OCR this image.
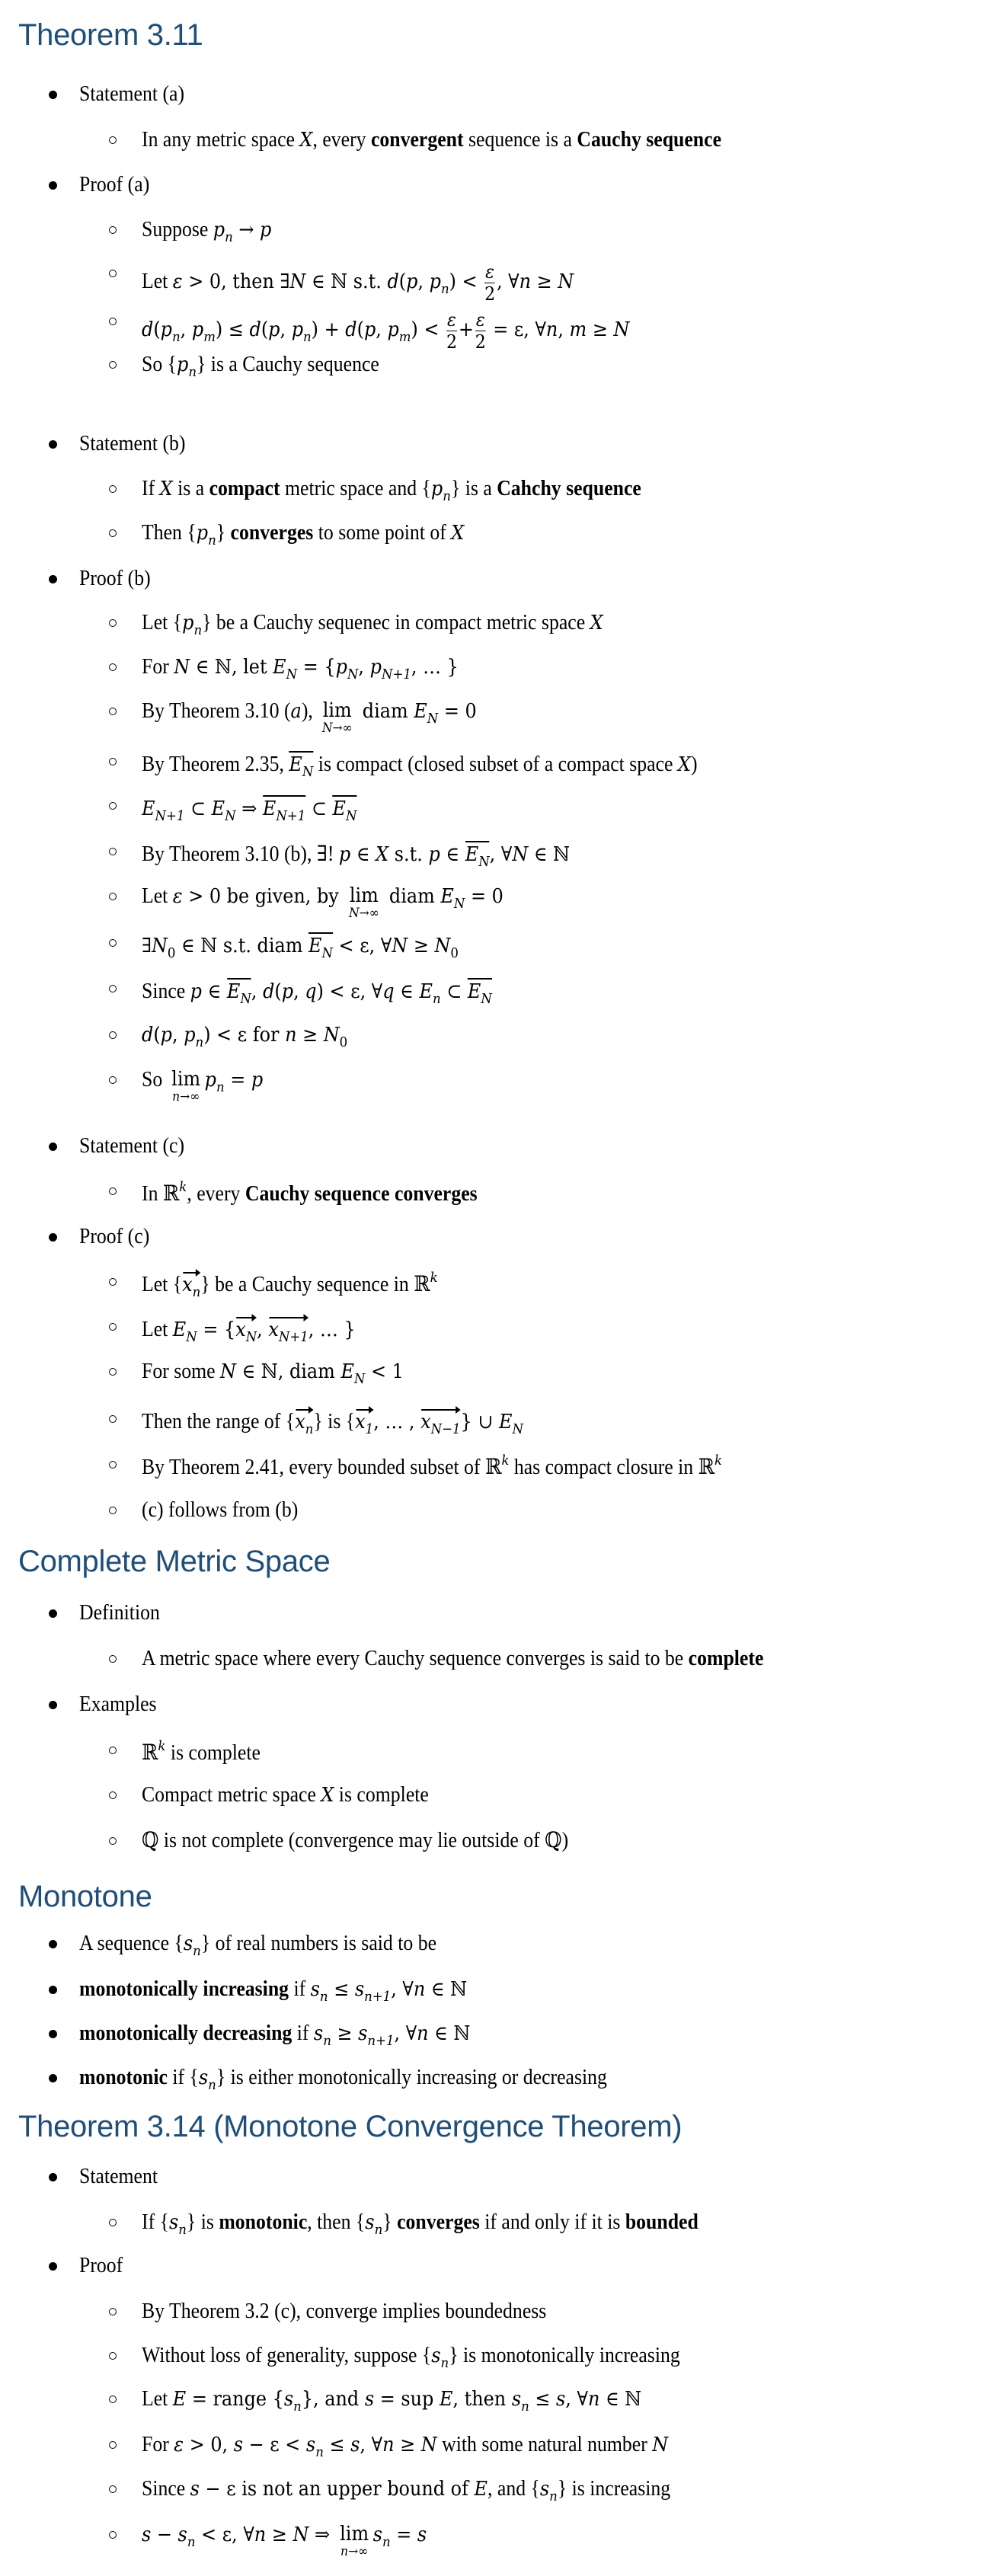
Theorem 3.11
Statement (a)
In any metric space X, every convergent sequence is a Cauchy sequence
Proof (a)
Suppose $p_n \to p$
Let ε > 0, then ∃N ∈ ℕ s.t. d(p, $p_n) < \frac{\varepsilon}{2}$ , ∀n ≥ N
$d(p_n$, $p_m) \le d(p$, $p_n) + d(p$, $p_m) < \frac{\varepsilon}{2} + \frac{\varepsilon}{2} = \varepsilon$, ∀n, m ≥ N
So $\{p_n\}$ is a Cauchy sequence
Statement (b)
If X is a compact metric space and $\{p_n\}$ is a Cahchy sequence
Then $\{p_n\}$ converges to some point of X
Proof (b)
Let $\{p_n\}$ be a Cauchy sequenec in compact metric space X
For N ∈ ℕ, let $E_N = \{p_N$, $p_{N+1}$, … }
By Theorem 3.10 (a), lim
N→∞
diam $E_N = 0$
By Theorem 2.35, $E_N$ is compact (closed subset of a compact space X)
$E_{N+1}$ ⊂ $E_N$ ⇒ $E_{N+1}$ ⊂ $E_N$
By Theorem 3.10 (b), ∃! p ∈ X s.t. p ∈ $E_N$, ∀N ∈ ℕ
Let ε > 0 be given, by lim
N→∞
diam $E_N = 0$
$\exists N_0$ ∈ ℕ s.t. diam $E_N < \varepsilon$, ∀N ≥ $N_0$
Since p ∈ $E_N$, d(p, q) < ε, ∀q ∈ $E_n$ ⊂ $E_N$
d(p, $p_n) < \varepsilon$ for $n \ge N_0$
So lim
n→∞
$p_n = p$
Statement (c)
In ℝ$^k$, every Cauchy sequence converges
Proof (c)
Let $\{x_n\}$ be a Cauchy sequence in ℝ$^k$
Let $E_N = \{x_N$, $x_{N+1}$, … }
For some N ∈ ℕ, diam $E_N < 1$
Then the range of $\{x_n\}$ is {$x_1$, … , $x_{N-1}$} ∪ $E_N$
By Theorem 2.41, every bounded subset of ℝ$^k$ has compact closure in ℝ$^k$
(c) follows from (b)
Complete Metric Space
Definition
A metric space where every Cauchy sequence converges is said to be complete
Examples
ℝ$^k$ is complete
Compact metric space X is complete
ℚ is not complete (convergence may lie outside of ℚ)
Monotone
A sequence $\{s_n\}$ of real numbers is said to be
monotonically increasing if $s_n \le s_{n+1}$, ∀n ∈ ℕ
monotonically decreasing if $s_n \ge s_{n+1}$, ∀n ∈ ℕ
monotonic if $\{s_n\}$ is either monotonically increasing or decreasing
Theorem 3.14 (Monotone Convergence Theorem)
Statement
If $\{s_n\}$ is monotonic, then $\{s_n\}$ converges if and only if it is bounded
Proof
By Theorem 3.2 (c), converge implies boundedness
Without loss of generality, suppose $\{s_n\}$ is monotonically increasing
Let E = range $\{s_n\}$, and s = sup E, then $s_n \le s$, ∀n ∈ ℕ
For ε > 0, $s - \varepsilon < s_n \le s$, ∀n ≥ N with some natural number N
Since s − ε is not an upper bound of E, and $\{s_n\}$ is increasing
$s - s_n < \varepsilon$, ∀n ≥ N ⇒ lim
n→∞
$s_n = s$
